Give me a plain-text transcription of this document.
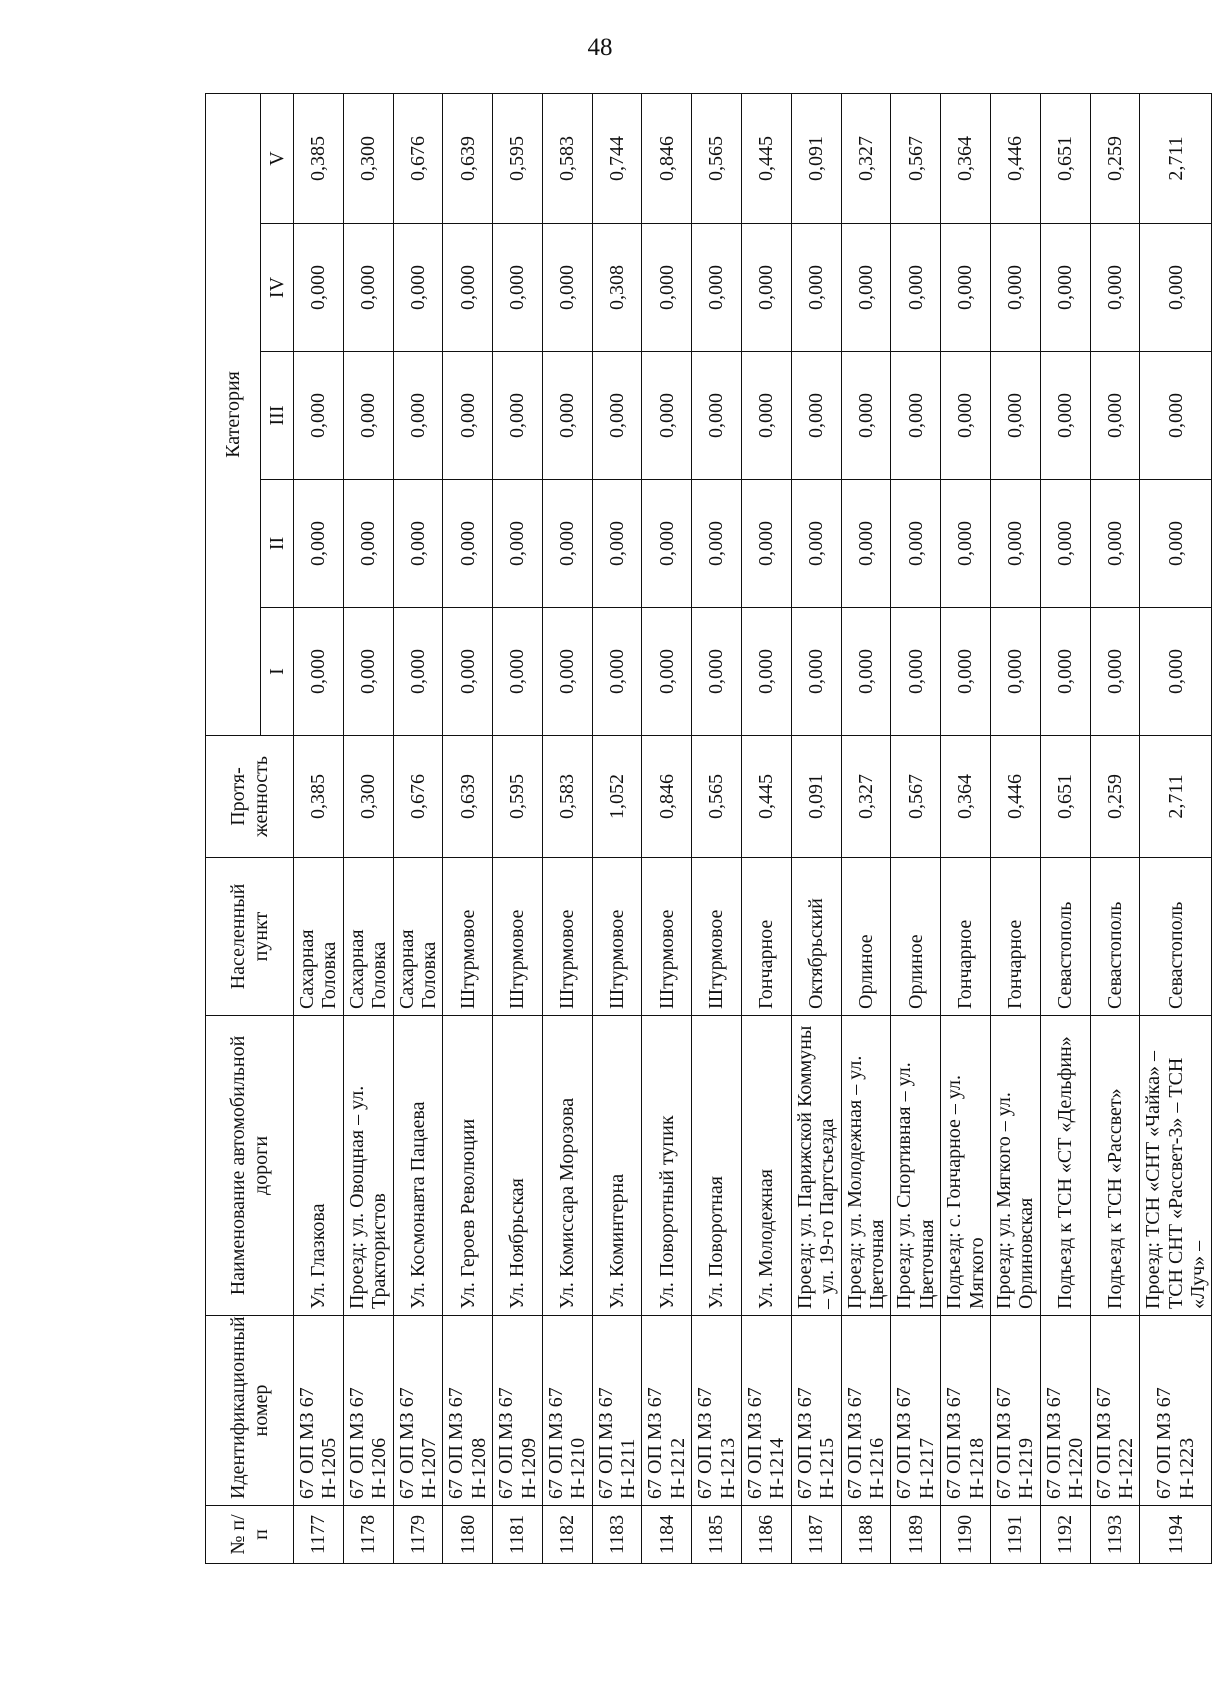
48
№ п/п	Идентификационный номер	Наименование автомобильной дороги	Населенный пункт	Протя-женность	Категория				
					I	II	III	IV	V
1177	67 ОП МЗ 67 Н-1205	Ул. Глазкова	Сахарная Головка	0,385	0,000	0,000	0,000	0,000	0,385
1178	67 ОП МЗ 67 Н-1206	Проезд: ул. Овощная – ул. Трактористов	Сахарная Головка	0,300	0,000	0,000	0,000	0,000	0,300
1179	67 ОП МЗ 67 Н-1207	Ул. Космонавта Пацаева	Сахарная Головка	0,676	0,000	0,000	0,000	0,000	0,676
1180	67 ОП МЗ 67 Н-1208	Ул. Героев Революции	Штурмовое	0,639	0,000	0,000	0,000	0,000	0,639
1181	67 ОП МЗ 67 Н-1209	Ул. Ноябрьская	Штурмовое	0,595	0,000	0,000	0,000	0,000	0,595
1182	67 ОП МЗ 67 Н-1210	Ул. Комиссара Морозова	Штурмовое	0,583	0,000	0,000	0,000	0,000	0,583
1183	67 ОП МЗ 67 Н-1211	Ул. Коминтерна	Штурмовое	1,052	0,000	0,000	0,000	0,308	0,744
1184	67 ОП МЗ 67 Н-1212	Ул. Поворотный тупик	Штурмовое	0,846	0,000	0,000	0,000	0,000	0,846
1185	67 ОП МЗ 67 Н-1213	Ул. Поворотная	Штурмовое	0,565	0,000	0,000	0,000	0,000	0,565
1186	67 ОП МЗ 67 Н-1214	Ул. Молодежная	Гончарное	0,445	0,000	0,000	0,000	0,000	0,445
1187	67 ОП МЗ 67 Н-1215	Проезд: ул. Парижской Коммуны – ул. 19-го Партсъезда	Октябрьский	0,091	0,000	0,000	0,000	0,000	0,091
1188	67 ОП МЗ 67 Н-1216	Проезд: ул. Молодежная – ул. Цветочная	Орлиное	0,327	0,000	0,000	0,000	0,000	0,327
1189	67 ОП МЗ 67 Н-1217	Проезд: ул. Спортивная – ул. Цветочная	Орлиное	0,567	0,000	0,000	0,000	0,000	0,567
1190	67 ОП МЗ 67 Н-1218	Подъезд: с. Гончарное – ул. Мягкого	Гончарное	0,364	0,000	0,000	0,000	0,000	0,364
1191	67 ОП МЗ 67 Н-1219	Проезд: ул. Мягкого – ул. Орлиновская	Гончарное	0,446	0,000	0,000	0,000	0,000	0,446
1192	67 ОП МЗ 67 Н-1220	Подъезд к ТСН «СТ «Дельфин»	Севастополь	0,651	0,000	0,000	0,000	0,000	0,651
1193	67 ОП МЗ 67 Н-1222	Подъезд к ТСН «Рассвет»	Севастополь	0,259	0,000	0,000	0,000	0,000	0,259
1194	67 ОП МЗ 67 Н-1223	Проезд: ТСН «СНТ «Чайка» – ТСН СНТ «Рассвет-3» – ТСН «Луч» –	Севастополь	2,711	0,000	0,000	0,000	0,000	2,711
